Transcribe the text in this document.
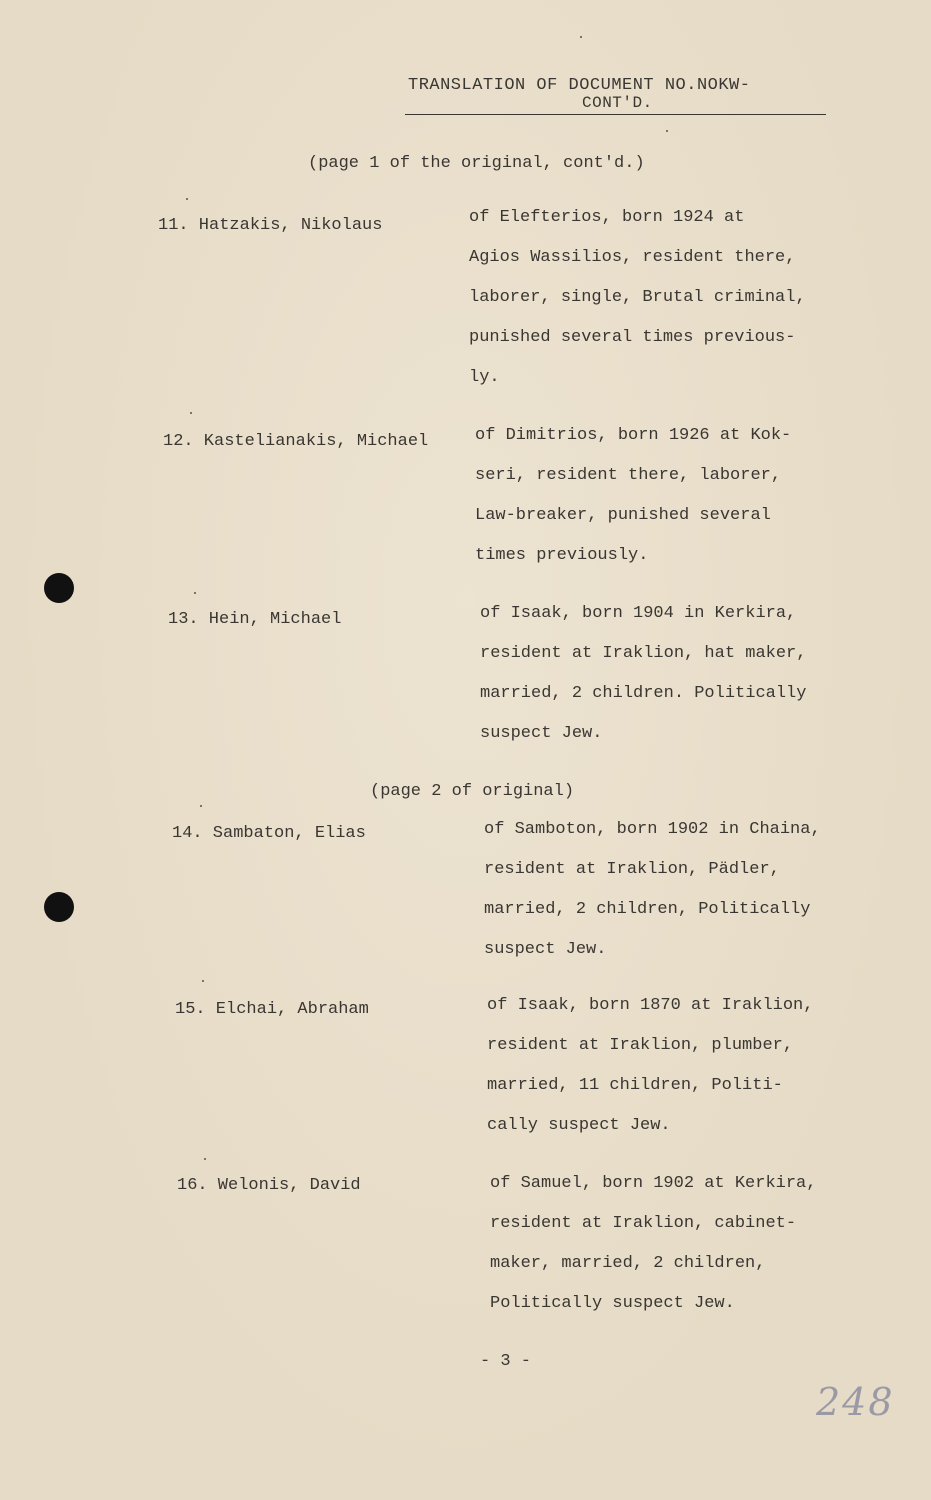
TRANSLATION OF DOCUMENT NO.NOKW-
CONT'D.
(page 1 of the original, cont'd.)
11. Hatzakis, Nikolaus	of Elefterios, born 1924 at
Agios Wassilios, resident there,
laborer, single, Brutal criminal,
punished several times previous-
ly.
12. Kastelianakis, Michael	of Dimitrios, born 1926 at Kok-
seri, resident there, laborer,
Law-breaker, punished several
times previously.
13. Hein, Michael	of Isaak, born 1904 in Kerkira,
resident at Iraklion, hat maker,
married, 2 children. Politically
suspect Jew.
(page 2 of original)
14. Sambaton, Elias	of Samboton, born 1902 in Chaina,
resident at Iraklion, Pädler,
married, 2 children, Politically
suspect Jew.
15. Elchai, Abraham	of Isaak, born 1870 at Iraklion,
resident at Iraklion, plumber,
married, 11 children, Politi-
cally suspect Jew.
16. Welonis, David	of Samuel, born 1902 at Kerkira,
resident at Iraklion, cabinet-
maker, married, 2 children,
Politically suspect Jew.
- 3 -
248
